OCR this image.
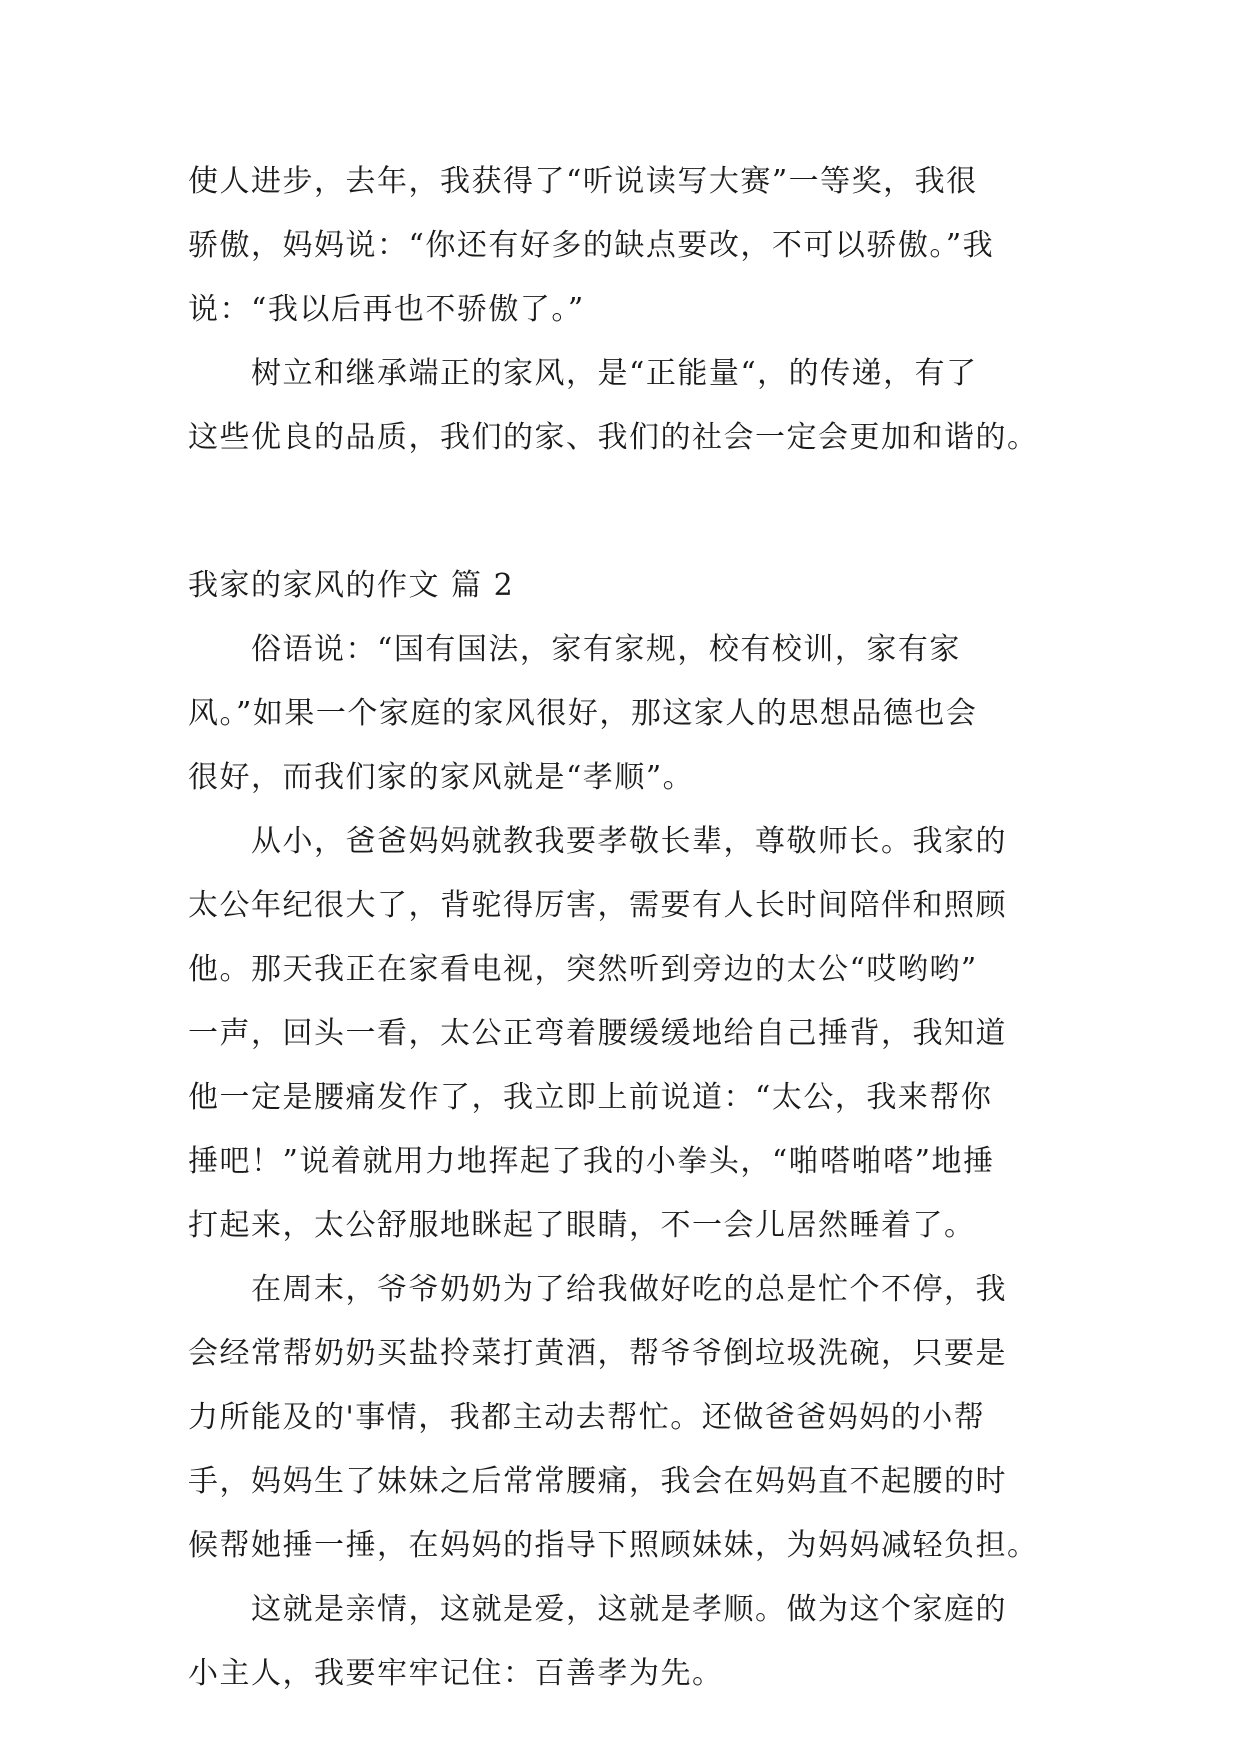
使人进步，去年，我获得了“听说读写大赛”一等奖，我很
骄傲，妈妈说：“你还有好多的缺点要改，不可以骄傲。”我
说：“我以后再也不骄傲了。”
　　树立和继承端正的家风，是“正能量“，的传递，有了
这些优良的品质，我们的家、我们的社会一定会更加和谐的。
我家的家风的作文 篇 2
　　俗语说：“国有国法，家有家规，校有校训，家有家
风。”如果一个家庭的家风很好，那这家人的思想品德也会
很好，而我们家的家风就是“孝顺”。
　　从小，爸爸妈妈就教我要孝敬长辈，尊敬师长。我家的
太公年纪很大了，背驼得厉害，需要有人长时间陪伴和照顾
他。那天我正在家看电视，突然听到旁边的太公“哎哟哟”
一声，回头一看，太公正弯着腰缓缓地给自己捶背，我知道
他一定是腰痛发作了，我立即上前说道：“太公，我来帮你
捶吧！”说着就用力地挥起了我的小拳头，“啪嗒啪嗒”地捶
打起来，太公舒服地眯起了眼睛，不一会儿居然睡着了。
　　在周末，爷爷奶奶为了给我做好吃的总是忙个不停，我
会经常帮奶奶买盐拎菜打黄酒，帮爷爷倒垃圾洗碗，只要是
力所能及的'事情，我都主动去帮忙。还做爸爸妈妈的小帮
手，妈妈生了妹妹之后常常腰痛，我会在妈妈直不起腰的时
候帮她捶一捶，在妈妈的指导下照顾妹妹，为妈妈减轻负担。
　　这就是亲情，这就是爱，这就是孝顺。做为这个家庭的
小主人，我要牢牢记住：百善孝为先。
